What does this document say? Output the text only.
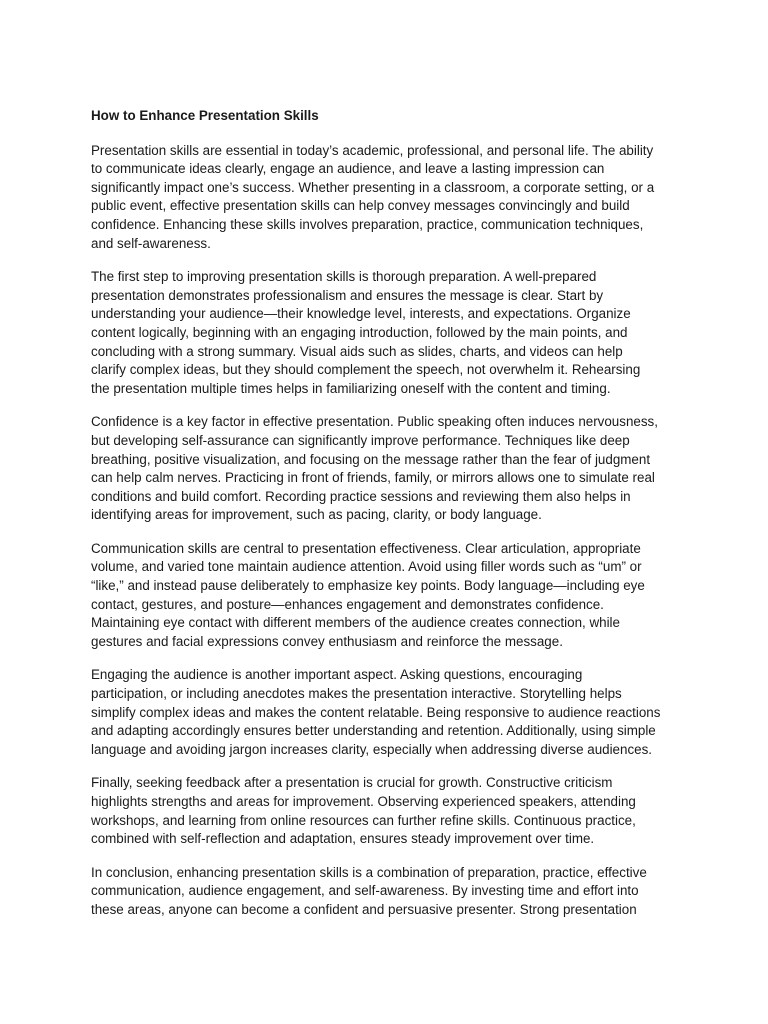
How to Enhance Presentation Skills
Presentation skills are essential in today’s academic, professional, and personal life. The ability
to communicate ideas clearly, engage an audience, and leave a lasting impression can
significantly impact one’s success. Whether presenting in a classroom, a corporate setting, or a
public event, effective presentation skills can help convey messages convincingly and build
confidence. Enhancing these skills involves preparation, practice, communication techniques,
and self-awareness.
The first step to improving presentation skills is thorough preparation. A well-prepared
presentation demonstrates professionalism and ensures the message is clear. Start by
understanding your audience—their knowledge level, interests, and expectations. Organize
content logically, beginning with an engaging introduction, followed by the main points, and
concluding with a strong summary. Visual aids such as slides, charts, and videos can help
clarify complex ideas, but they should complement the speech, not overwhelm it. Rehearsing
the presentation multiple times helps in familiarizing oneself with the content and timing.
Confidence is a key factor in effective presentation. Public speaking often induces nervousness,
but developing self-assurance can significantly improve performance. Techniques like deep
breathing, positive visualization, and focusing on the message rather than the fear of judgment
can help calm nerves. Practicing in front of friends, family, or mirrors allows one to simulate real
conditions and build comfort. Recording practice sessions and reviewing them also helps in
identifying areas for improvement, such as pacing, clarity, or body language.
Communication skills are central to presentation effectiveness. Clear articulation, appropriate
volume, and varied tone maintain audience attention. Avoid using filler words such as “um” or
“like,” and instead pause deliberately to emphasize key points. Body language—including eye
contact, gestures, and posture—enhances engagement and demonstrates confidence.
Maintaining eye contact with different members of the audience creates connection, while
gestures and facial expressions convey enthusiasm and reinforce the message.
Engaging the audience is another important aspect. Asking questions, encouraging
participation, or including anecdotes makes the presentation interactive. Storytelling helps
simplify complex ideas and makes the content relatable. Being responsive to audience reactions
and adapting accordingly ensures better understanding and retention. Additionally, using simple
language and avoiding jargon increases clarity, especially when addressing diverse audiences.
Finally, seeking feedback after a presentation is crucial for growth. Constructive criticism
highlights strengths and areas for improvement. Observing experienced speakers, attending
workshops, and learning from online resources can further refine skills. Continuous practice,
combined with self-reflection and adaptation, ensures steady improvement over time.
In conclusion, enhancing presentation skills is a combination of preparation, practice, effective
communication, audience engagement, and self-awareness. By investing time and effort into
these areas, anyone can become a confident and persuasive presenter. Strong presentation
